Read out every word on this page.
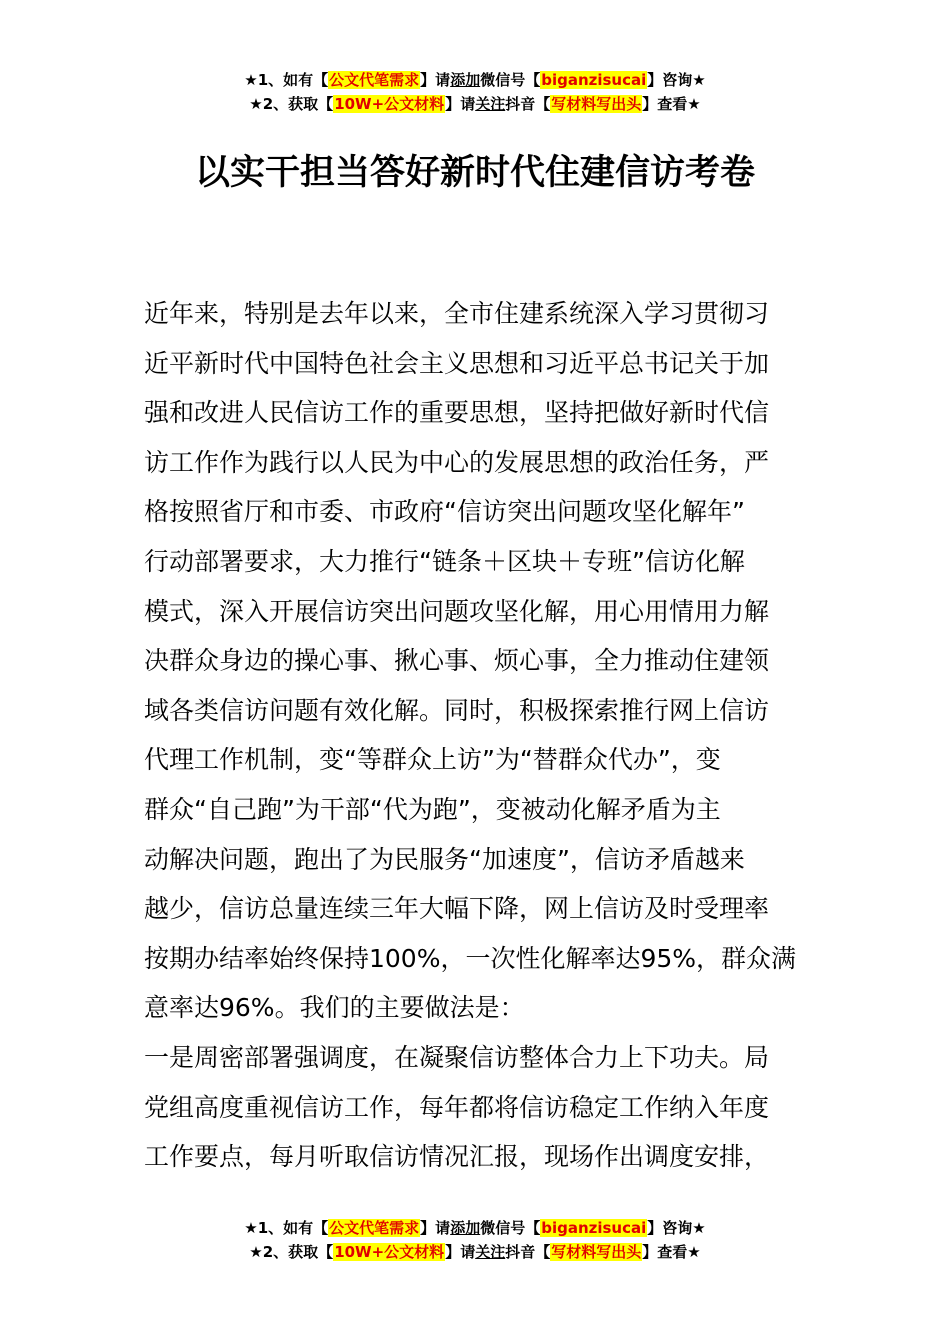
★1、如有【公文代笔需求】请添加微信号【biganzisucai】咨询★
★2、获取【10W+公文材料】请关注抖音【写材料写出头】查看★
以实干担当答好新时代住建信访考卷
近年来，特别是去年以来，全市住建系统深入学习贯彻习
近平新时代中国特色社会主义思想和习近平总书记关于加
强和改进人民信访工作的重要思想，坚持把做好新时代信
访工作作为践行以人民为中心的发展思想的政治任务，严
格按照省厅和市委、市政府“信访突出问题攻坚化解年”
行动部署要求，大力推行“链条＋区块＋专班”信访化解
模式，深入开展信访突出问题攻坚化解，用心用情用力解
决群众身边的操心事、揪心事、烦心事，全力推动住建领
域各类信访问题有效化解。同时，积极探索推行网上信访
代理工作机制，变“等群众上访”为“替群众代办”，变
群众“自己跑”为干部“代为跑”，变被动化解矛盾为主
动解决问题，跑出了为民服务“加速度”，信访矛盾越来
越少，信访总量连续三年大幅下降，网上信访及时受理率
按期办结率始终保持100%，一次性化解率达95%，群众满
意率达96%。我们的主要做法是：
一是周密部署强调度，在凝聚信访整体合力上下功夫。局
党组高度重视信访工作，每年都将信访稳定工作纳入年度
工作要点，每月听取信访情况汇报，现场作出调度安排，
★1、如有【公文代笔需求】请添加微信号【biganzisucai】咨询★
★2、获取【10W+公文材料】请关注抖音【写材料写出头】查看★
